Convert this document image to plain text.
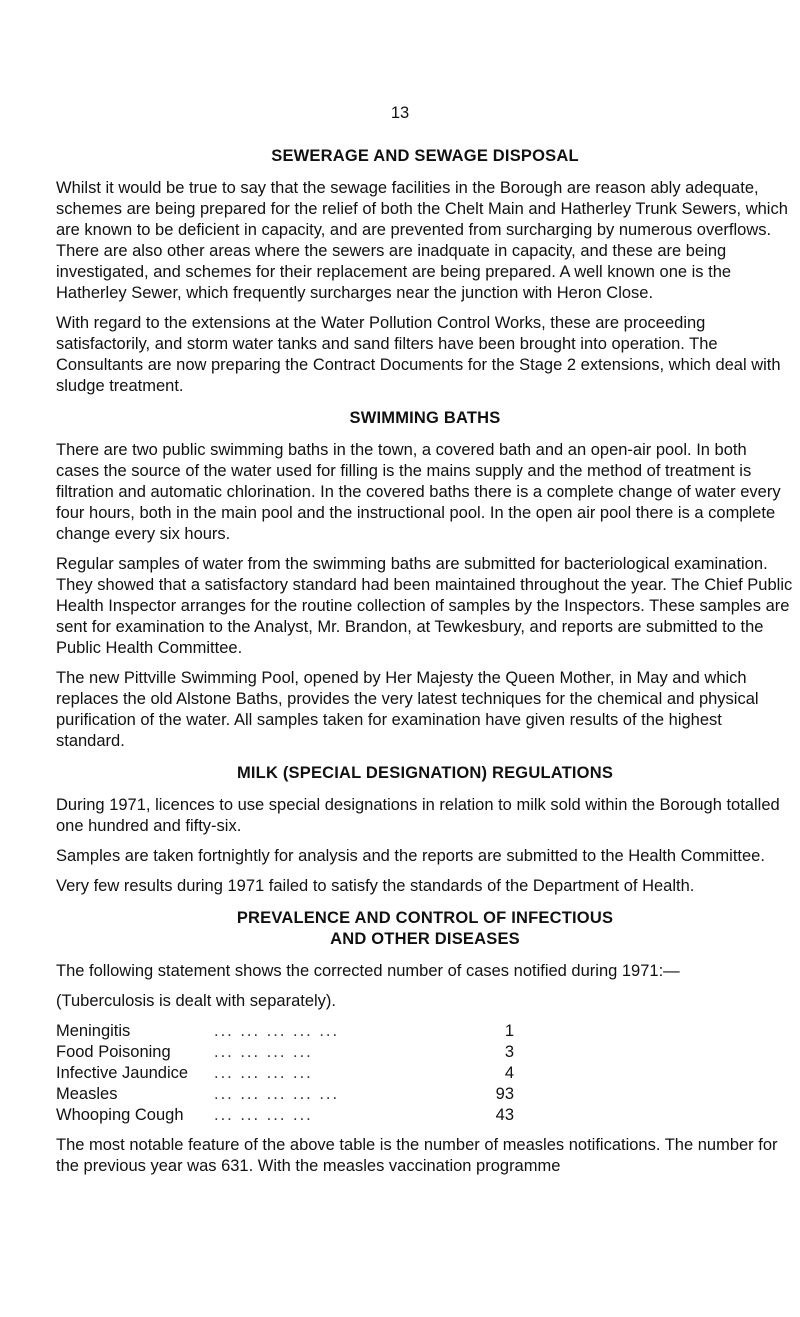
13
SEWERAGE AND SEWAGE DISPOSAL

Whilst it would be true to say that the sewage facilities in the Borough are reason ably adequate, schemes are being prepared for the relief of both the Chelt Main and Hatherley Trunk Sewers, which are known to be deficient in capacity, and are prevented from surcharging by numerous overflows. There are also other areas where the sewers are inadquate in capacity, and these are being investigated, and schemes for their replacement are being prepared. A well known one is the Hatherley Sewer, which frequently surcharges near the junction with Heron Close.

With regard to the extensions at the Water Pollution Control Works, these are proceeding satisfactorily, and storm water tanks and sand filters have been brought into operation. The Consultants are now preparing the Contract Documents for the Stage 2 extensions, which deal with sludge treatment.

SWIMMING BATHS

There are two public swimming baths in the town, a covered bath and an open-air pool. In both cases the source of the water used for filling is the mains supply and the method of treatment is filtration and automatic chlorination. In the covered baths there is a complete change of water every four hours, both in the main pool and the instructional pool. In the open air pool there is a complete change every six hours.

Regular samples of water from the swimming baths are submitted for bacteriological examination. They showed that a satisfactory standard had been maintained throughout the year. The Chief Public Health Inspector arranges for the routine collection of samples by the Inspectors. These samples are sent for examination to the Analyst, Mr. Brandon, at Tewkesbury, and reports are submitted to the Public Health Committee.

The new Pittville Swimming Pool, opened by Her Majesty the Queen Mother, in May and which replaces the old Alstone Baths, provides the very latest techniques for the chemical and physical purification of the water. All samples taken for examination have given results of the highest standard.

MILK (SPECIAL DESIGNATION) REGULATIONS

During 1971, licences to use special designations in relation to milk sold within the Borough totalled one hundred and fifty-six.

Samples are taken fortnightly for analysis and the reports are submitted to the Health Committee.

Very few results during 1971 failed to satisfy the standards of the Department of Health.

PREVALENCE AND CONTROL OF INFECTIOUS
AND OTHER DISEASES

The following statement shows the corrected number of cases notified during 1971:—

(Tuberculosis is dealt with separately).

Meningitis	... ... ... ... ...	1
Food Poisoning	... ... ... ...	3
Infective Jaundice	... ... ... ...	4
Measles	... ... ... ... ...	93
Whooping Cough	... ... ... ...	43

The most notable feature of the above table is the number of measles notifications. The number for the previous year was 631. With the measles vaccination programme
